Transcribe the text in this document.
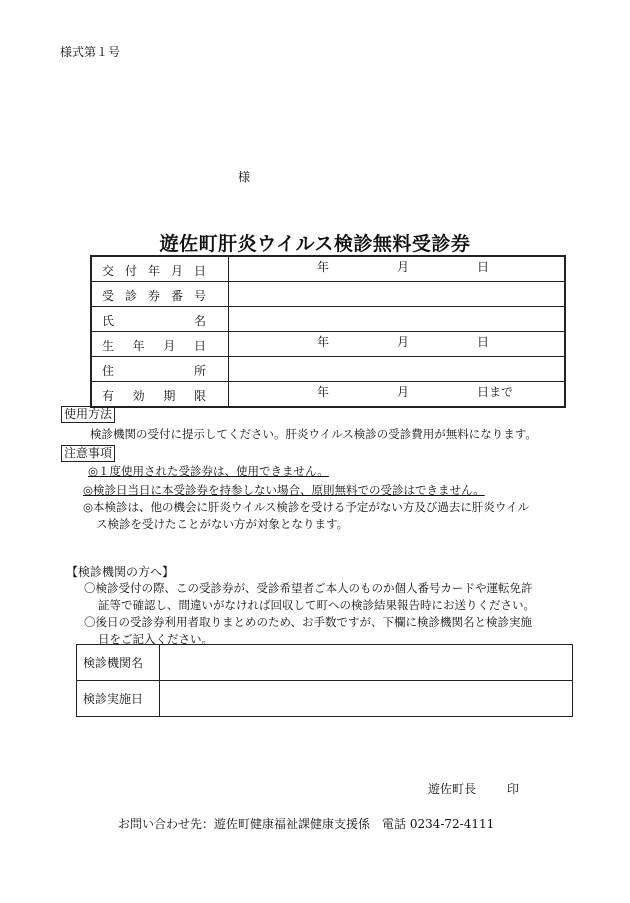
様式第１号
様
遊佐町肝炎ウイルス検診無料受診券
交 付 年 月 日	年 月 日

受 診 券 番 号	

氏 名	

生 年 月 日	年 月 日

住 所	

有 効 期 限	年 月 日まで
使用方法
検診機関の受付に提示してください。肝炎ウイルス検診の受診費用が無料になります。
注意事項
◎１度使用された受診券は、使用できません。
◎検診日当日に本受診券を持参しない場合、原則無料での受診はできません。
◎本検診は、他の機会に肝炎ウイルス検診を受ける予定がない方及び過去に肝炎ウイル
ス検診を受けたことがない方が対象となります。
【検診機関の方へ】
〇検診受付の際、この受診券が、受診希望者ご本人のものか個人番号カードや運転免許
証等で確認し、間違いがなければ回収して町への検診結果報告時にお送りください。
〇後日の受診券利用者取りまとめのため、お手数ですが、下欄に検診機関名と検診実施
日をご記入ください。
検診機関名	
検診実施日	
遊佐町長	印
お問い合わせ先：遊佐町健康福祉課健康支援係　電話 0234-72-4111
